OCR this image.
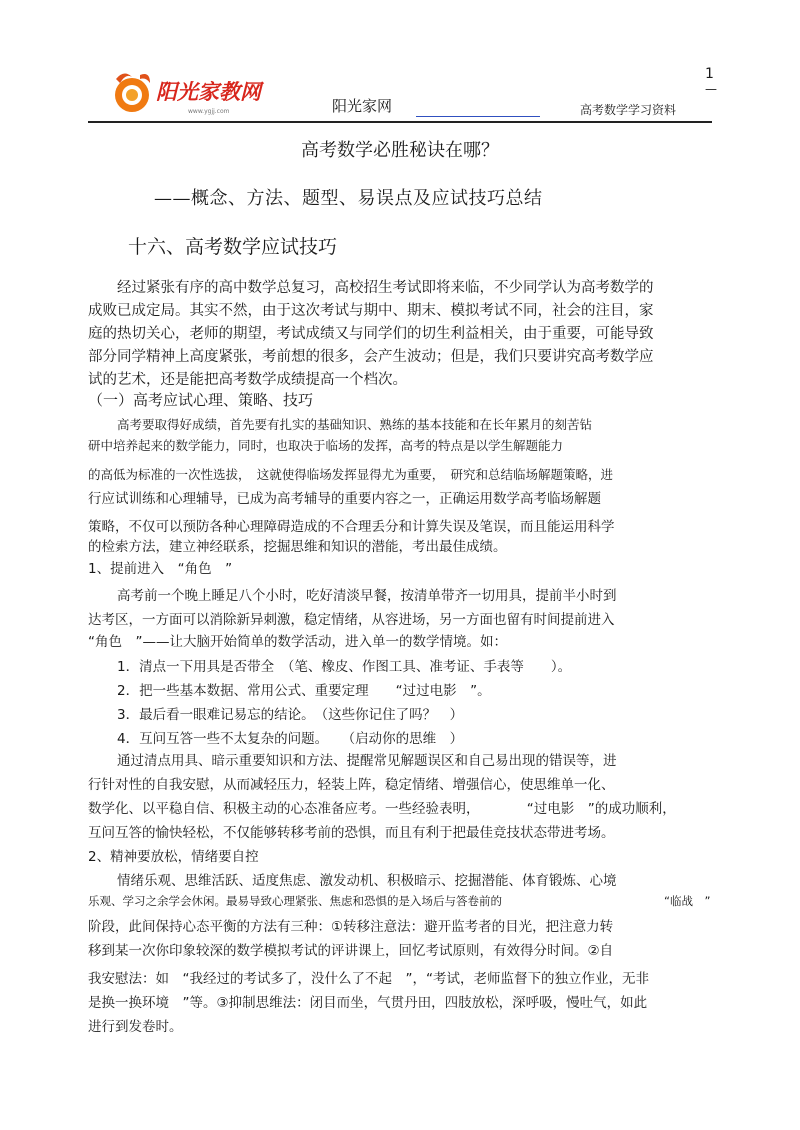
阳光家教网
www.ygjj.com
1
—
阳光家网	高考数学学习资料
高考数学必胜秘诀在哪？
——概念、方法、题型、易误点及应试技巧总结
十六、高考数学应试技巧
经过紧张有序的高中数学总复习，高校招生考试即将来临，不少同学认为高考数学的
成败已成定局。其实不然，由于这次考试与期中、期末、模拟考试不同，社会的注目，家
庭的热切关心，老师的期望，考试成绩又与同学们的切生利益相关，由于重要，可能导致
部分同学精神上高度紧张，考前想的很多，会产生波动；但是，我们只要讲究高考数学应
试的艺术，还是能把高考数学成绩提高一个档次。
（一）高考应试心理、策略、技巧
高考要取得好成绩，首先要有扎实的基础知识、熟练的基本技能和在长年累月的刻苦钻
研中培养起来的数学能力，同时，也取决于临场的发挥，高考的特点是以学生解题能力
的高低为标准的一次性选拔，　这就使得临场发挥显得尤为重要，　研究和总结临场解题策略，进
行应试训练和心理辅导，已成为高考辅导的重要内容之一，正确运用数学高考临场解题
策略，不仅可以预防各种心理障碍造成的不合理丢分和计算失误及笔误，而且能运用科学
的检索方法，建立神经联系，挖掘思维和知识的潜能，考出最佳成绩。
1、提前进入　“角色　”
高考前一个晚上睡足八个小时，吃好清淡早餐，按清单带齐一切用具，提前半小时到
达考区，一方面可以消除新异刺激，稳定情绪，从容进场，另一方面也留有时间提前进入
“角色　”——让大脑开始简单的数学活动，进入单一的数学情境。如：
1．清点一下用具是否带全　（笔、橡皮、作图工具、准考证、手表等　　）。
2．把一些基本数据、常用公式、重要定理　　“过过电影　”。
3．最后看一眼难记易忘的结论。　（这些你记住了吗？　）
4．互问互答一些不太复杂的问题。　　（启动你的思维　）
通过清点用具、暗示重要知识和方法、提醒常见解题误区和自己易出现的错误等，进
行针对性的自我安慰，从而减轻压力，轻装上阵，稳定情绪、增强信心，使思维单一化、
数学化、以平稳自信、积极主动的心态准备应考。一些经验表明，　　　　“过电影　”的成功顺利，
互问互答的愉快轻松，不仅能够转移考前的恐惧，而且有利于把最佳竞技状态带进考场。
2、精神要放松，情绪要自控
情绪乐观、思维活跃、适度焦虑、激发动机、积极暗示、挖掘潜能、体育锻炼、心境
乐观、学习之余学会休闲。最易导致心理紧张、焦虑和恐惧的是入场后与答卷前的	“临战　”
阶段，此间保持心态平衡的方法有三种：①转移注意法：避开监考者的目光，把注意力转
移到某一次你印象较深的数学模拟考试的评讲课上，回忆考试原则，有效得分时间。②自
我安慰法：如　“我经过的考试多了，没什么了不起　”，“考试，老师监督下的独立作业，无非
是换一换环境　”等。③抑制思维法：闭目而坐，气贯丹田，四肢放松，深呼吸，慢吐气，如此
进行到发卷时。
